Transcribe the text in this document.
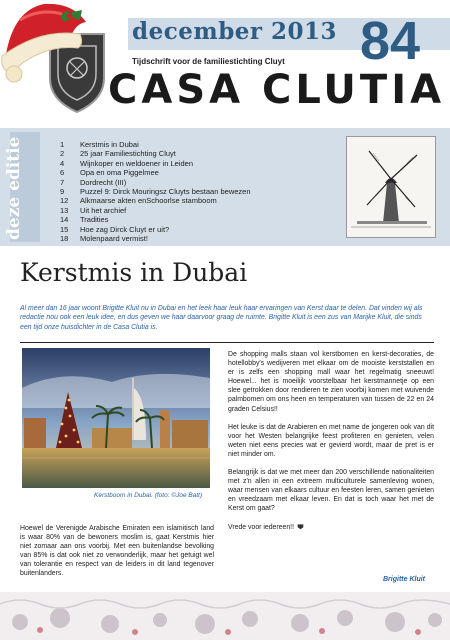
december 2013 84
Tijdschrift voor de familiestichting Cluyt
CASA CLUTIA
deze editie	1	Kerstmis in Dubai
2	25 jaar Familiestichting Cluyt
4	Wijnkoper en weldoener in Leiden
6	Opa en oma Piggelmee
7	Dordrecht (III)
9	Puzzel 9: Dirck Mouringsz Cluyts bestaan bewezen
12	Alkmaarse akten enSchoorlse stamboom
13	Uit het archief
14	Tradities
15	Hoe zag Dirck Cluyt er uit?
18	Molenpaard vermist!
Kerstmis in Dubai

Al meer dan 16 jaar woont Brigitte Kluit nu in Dubai en het leek haar leuk haar ervaringen van Kerst daar te delen. Dat vinden wij als redactie nou ook een leuk idee, en dus geven we haar daarvoor graag de ruimte. Brigitte Kluit is een zus van Marijke Kluit, die sinds een tijd onze huisdichter in de Casa Clutia is.

Kerstboom in Dubai. (foto: ©Joe Batt)

Hoewel de Verenigde Arabische Emiraten een islamitisch land is waar 80% van de bewoners moslim is, gaat Kerstmis hier niet zomaar aan ons voorbij. Met een buitenlandse bevolking van 85% is dat ook niet zo verwonderlijk, maar het getuigt wel van tolerantie en respect van de leiders in dit land tegenover buitenlanders.

De shopping malls staan vol kerstbomen en kerst-decoraties, de hotellobby's wedijveren met elkaar om de mooiste kerststallen en er is zelfs een shopping mall waar het regelmatig sneeuwt! Hoewel... het is moeilijk voorstelbaar het kerstmannetje op een slee getrokken door rendieren te zien voorbij komen met wuivende palmbomen om ons heen en temperaturen van tussen de 22 en 24 graden Celsius!!

Het leuke is dat de Arabieren en met name de jongeren ook van dit voor het Westen belangrijke feest profiteren en genieten, velen weten niet eens precies wat er gevierd wordt, maar de pret is er niet minder om.

Belangrijk is dat we met meer dan 200 verschillende nationaliteiten met z'n allen in een extreem multiculturele samenleving wonen, waar mensen van elkaars cultuur en feesten leren, samen genieten en vreedzaam met elkaar leven. En dat is toch waar het met de Kerst om gaat?

Vrede voor iedereen!!

Brigitte Kluit
